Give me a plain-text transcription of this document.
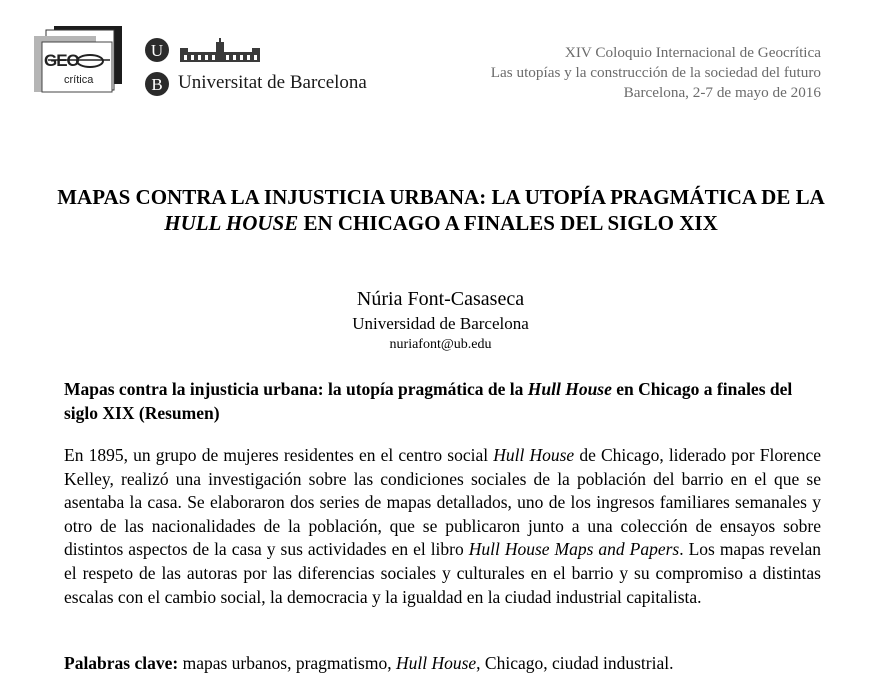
GEO
crítica
U
B Universitat de Barcelona
XIV Coloquio Internacional de Geocrítica
Las utopías y la construcción de la sociedad del futuro
Barcelona, 2-7 de mayo de 2016
MAPAS CONTRA LA INJUSTICIA URBANA: LA UTOPÍA PRAGMÁTICA DE LA HULL HOUSE EN CHICAGO A FINALES DEL SIGLO XIX
Núria Font-Casaseca
Universidad de Barcelona
nuriafont@ub.edu
Mapas contra la injusticia urbana: la utopía pragmática de la Hull House en Chicago a finales del siglo XIX (Resumen)
En 1895, un grupo de mujeres residentes en el centro social Hull House de Chicago, liderado por Florence Kelley, realizó una investigación sobre las condiciones sociales de la población del barrio en el que se asentaba la casa. Se elaboraron dos series de mapas detallados, uno de los ingresos familiares semanales y otro de las nacionalidades de la población, que se publicaron junto a una colección de ensayos sobre distintos aspectos de la casa y sus actividades en el libro Hull House Maps and Papers. Los mapas revelan el respeto de las autoras por las diferencias sociales y culturales en el barrio y su compromiso a distintas escalas con el cambio social, la democracia y la igualdad en la ciudad industrial capitalista.
Palabras clave: mapas urbanos, pragmatismo, Hull House, Chicago, ciudad industrial.
